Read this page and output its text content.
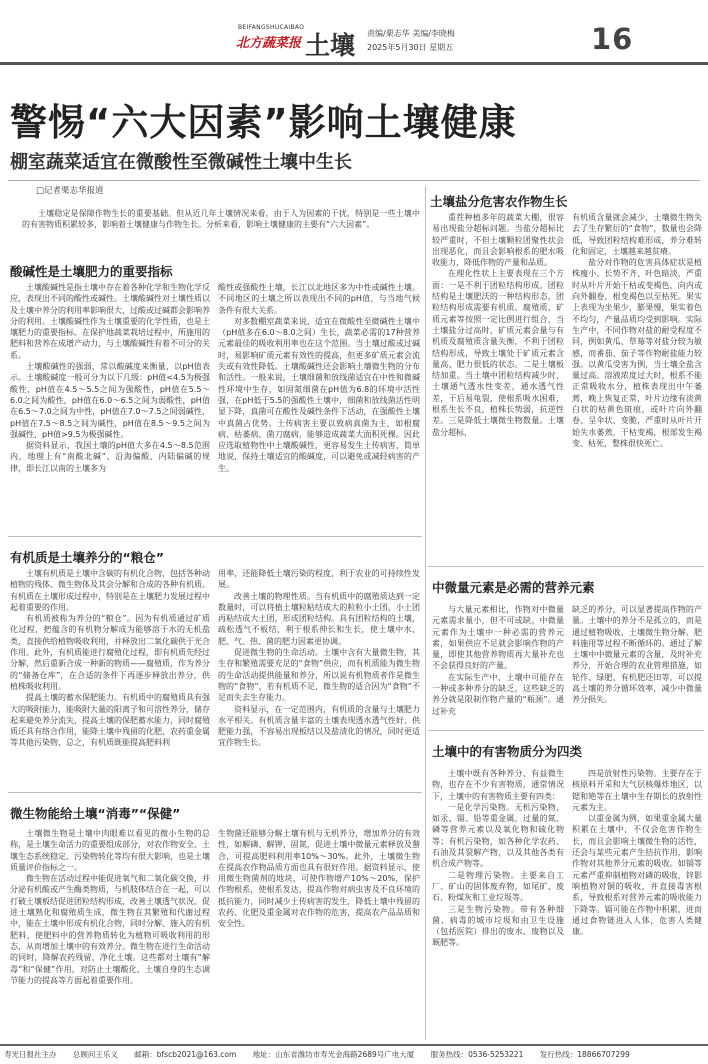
BEIFANGSHUCAIBAO
北方蔬菜报 土壤 责编/栗志华 美编/李晓梅
2025年5月30日 星期五	16
警惕“六大因素”影响土壤健康
棚室蔬菜适宜在微酸性至微碱性土壤中生长
□记者栗志华报道

土壤稳定是保障作物生长的重要基础。但从近几年土壤情况来看，由于人为因素的干扰，特别是一些土壤中的有害物质积累较多，影响着土壤健康与作物生长。分析来看，影响土壤健康的主要有“六大因素”。

酸碱性是土壤肥力的重要指标

土壤酸碱性是指土壤中存在着各种化学和生物化学反应，表现出不同的酸性或碱性。土壤酸碱性对土壤性质以及土壤中养分的利用率影响很大，过酸或过碱都会影响养分的利用。土壤酸碱性作为土壤重要的化学性质，也是土壤肥力的重要指标。在保护地蔬菜栽培过程中，所施用的肥料和营养在成增产动力，与土壤酸碱性有着不可分的关系。

土壤酸碱性的强弱，常以酸碱度来衡量，以pH值表示。土壤酸碱度一般可分为以下几级：pH值<4.5为极强酸性，pH值在4.5～5.5之间为强酸性，pH值在5.5～6.0之间为酸性，pH值在6.0～6.5之间为弱酸性，pH值在6.5～7.0之间为中性，pH值在7.0～7.5之间弱碱性，pH值在7.5～8.5之间为碱性，pH值在8.5～9.5之间为强碱性，pH值>9.5为极强碱性。

据资料显示，我国土壤的pH值大多在4.5～8.5范围内，地理上有“南酸北碱”、沿海偏酸、内陆偏碱的规律，即长江以南的土壤多为

酸性或强酸性土壤，长江以北地区多为中性或碱性土壤。不同地区的土壤之所以表现出不同的pH值，与当地气候条件有很大关系。

对多数棚室蔬菜来说，适宜在微酸性至微碱性土壤中（pH值多在6.0～8.0之间）生长，蔬菜必需的17种营养元素最佳的吸收利用率也在这个范围。当土壤过酸或过碱时，易影响矿质元素有效性的提高，但更多矿质元素会流失或有效性降低。土壤酸碱性还会影响土壤微生物的分布和活性。一般来说，土壤细菌和放线菌适宜在中性和微碱性环境中生存，如固氮细菌在pH值为6.8的环境中活性强，在pH低于5.5的强酸性土壤中，细菌和放线菌活性明显下降，真菌可在酸性及碱性条件下活动，在强酸性土壤中真菌占优势。土传病害主要以致病真菌为主，如根腐病、枯萎病、菌刀腐病，能够造成蔬菜大面积死棵。因此应选取植物性中土壤酸碱性，更容易发生土传病害，简单地说，保持土壤适宜的酸碱度，可以避免或减轻病害的产生。

有机质是土壤养分的“粮仓”

土壤有机质是土壤中含碳的有机化合物，包括各种动植物的残体、微生物体及其会分解和合成的各种有机质。有机质在土壤形成过程中，特别是在土壤肥力发展过程中起着重要的作用。

有机质被称为养分的“粮仓”。因为有机质通过矿质化过程，把蕴含的有机物分解成为能够溶于水的无机盐类，直接供给植物吸收利用，并释放出二氧化碳供于光合作用。此外，有机质能进行腐殖化过程，即有机质先经过分解，然后重新合成一种新的物质——腐殖质，作为养分的“储备仓库”，在合适的条件下再逐步释放出养分，供植株吸收利用。

提高土壤的蓄水保肥能力。有机质中的腐殖质具有强大的吸附能力，能吸附大量的阳离子和可溶性养分，储存起来避免养分流失，提高土壤的保肥蓄水能力，同时腐殖质还具有络合作用，能降土壤中残留的化肥、农药重金属等其他污染物，总之，有机质既能提高肥料利

用率，还能降低土壤污染的程度，利于农业的可持续性发展。

改善土壤的物理性质。当有机质中的腐殖质达到一定数量时，可以将植土壤粒粘结成大的粒粒小土团，小土团再粘结成大土团，形成团粒结构。具有团粒结构的土壤，疏松透气不板结，利于根系伸长和生长，使土壤中水、肥、气、热、菌的肥力因素更协调。

促进微生物的生命活动。土壤中含有大量微生物，其生存和繁殖需要充足的“食物”供应，而有机质能为微生物的生命活动提供能量和养分，所以说有机物质者作是微生物的“食物”，若有机质不足，微生物的适合因为“食物”不足而失去生存能力。

资料显示，在一定范围内，有机质的含量与土壤肥力水平相关。有机质含量丰富的土壤表现透水透气性好、供肥能力强，不容易出现板结以及盐渍化的情况，同时更适宜作物生长。

微生物能给土壤“消毒”“保健”

土壤微生物是土壤中肉眼难以看见的微小生物的总称，是土壤生命活力的重要组成部分，对农作物安全、土壤生态系统稳定、污染物转化等均有很大影响，也是土壤质量评价指标之一。

微生物在活动过程中能促进氧气和二氧化碳交换，并分泌有机酸或产生酶类物质，与机肢体结合在一起，可以打破土壤板结促进团粒结构形成，改善土壤透气状况。促进土壤熟化和腐殖质生成，微生物在其繁殖和代谢过程中，能在土壤中形成有机化合物，同时分解、施入的有机肥料，使肥料中的营养物质转化为植物可吸收利用的形态，从而增加土壤中的有效养分。微生物在进行生命活动的同时，降解农药残留，净化土壤。这些都对土壤有“解毒”和“保健”作用，对防止土壤酸化、土壤自身的生态调节能力的提高等方面起着重要作用。

生物菌还能够分解土壤有机与无机养分，增加养分的有效性，如解磷、解钾、固氮，促进土壤中微量元素释放及螯合，可提高肥料利用率10%～30%。此外，土壤微生物在提高农作物品质方面也具有很好作用。据资料显示，使用微生物菌剂的地块，可使作物增产10%～20%，保护作物根系，使根系发达，提高作物对病虫害及不良环境的抵抗能力，同时减少土传病害的发生，降低土壤中残留的农药、化肥及重金属对农作物的危害，提高农产品品质和安全性。

土壤盐分危害农作物生长

重茬种植多年的蔬菜大棚，很容易出现盐分超标问题。当盐分超标比较严重时，不但土壤颗粒团聚性状会出现恶化，而且会影响根系的肥水吸收能力，降低作物的产量和品质。

在理化性状上主要表现在三个方面：一是不利于团粒结构形成。团粒结构是土壤肥沃的一种结构形态，团粒结构形成需要有机质、腐殖质、矿质元素等按照一定比例进行组合，当土壤盐分过高时，矿质元素会量与有机质及腐殖质含量失衡，不利于团粒结构形成，导致土壤处于矿质元素含量高、肥力很低的状态。二是土壤板结加重。当土壤中团粒结构减少时，土壤通气透水性变差，通水透气性差，干后易龟裂，使根系吸水困难，根系生长不良，植株长势弱，抗逆性差。三是降低土壤微生物数量。土壤盐分超标，

有机质含量就会减少，土壤微生物失去了生存繁衍的“食物”，数量也会降低，导致团粒结构难形成，养分难转化和固定，土壤越来越贫瘠。

盐分对作物的危害具体症状是植株瘦小、长势不齐、叶色暗淡，严重时从叶片开始干枯或变褐色，向内或向外翻卷，根变褐色以至枯死。果实上表现为坐果少，膨果慢，果实着色不均匀，产量品质均受到影响。实际生产中，不同作物对盐的耐受程度不同，例如黄瓜、草莓等对盐分较为敏感，而番茄、茄子等作物耐盐能力较强。以黄瓜受害为例，当土壤全盐含量过高、溶液浓度过大时，根系不能正常吸收水分，植株表现出中午萎蔫，晚上恢复正常，叶片边缘有淡黄白状的枯黄色斑痕，或叶片向外翻卷、呈伞状、变脆，严重时从叶片开始失水萎蔫，干枯变褐，根部发生褐变、枯死，整株很快死亡。

中微量元素是必需的营养元素

与大量元素相比，作物对中微量元素需求量小，但不可或缺。中微量元素作为土壤中一种必需的营养元素，如果供应不足就会影响作物的产量，即使其他营养物质再大量补充也不会获得良好的产量。

在实际生产中，土壤中可能存在一种或多种养分的缺乏，这些缺乏的养分就是限制作物产量的“瓶颈”。通过补充

缺乏的养分，可以显著提高作物的产量。土壤中的养分不是孤立的，而是通过植物吸收、土壤微生物分解、肥料施用等过程不断循环的。通过了解土壤中中微量元素的含量，及时补充养分，开始合理的农业管理措施，如轮作、绿肥、有机肥还田等，可以提高土壤的养分循环效率，减少中微量养分损失。

土壤中的有害物质分为四类

土壤中既有各种养分、有益微生物，也存在不少有害物质，通常情况下，土壤中的有害物质主要有四类：

一是化学污染物。无机污染物，如汞、镉、铅等重金属，过量的氮、磷等营养元素以及氧化物和硫化物等；有机污染物，如各种化学农药、石油及其裂解产物，以及其他各类有机合成产物等。

二是物理污染物。主要来自工厂、矿山的固体废弃物，如尾矿、废石、粉煤灰和工业垃圾等。

三是生物污染物。带有各种细菌、病毒的城市垃圾和由卫生设施（包括医院）排出的废水、废物以及厩肥等。

四是放射性污染物。主要存在于核原料开采和大气层核爆炸地区，以锶和铯等在土壤中生存期长的放射性元素为主。

以重金属为例，如果重金属大量积累在土壤中，不仅会危害作物生长，而且会影响土壤微生物的活性，还会与某些元素产生拮抗作用，影响作物对其他养分元素的吸收。如镉等元素严重抑制植物对磷的吸收，锌影响植物对铜的吸收，并直接毒害根系，导致根系对营养元素的吸收能力下降等。镉可能在作物中积累，进而通过食物链进入人体，危害人类健康。

寿光日报社主办 总顾问王乐义 邮箱：bfscb2021@163.com 地址：山东省潍坊市寿光金海路2689号广电大厦 服务热线：0536-5253221 发行热线：18866707299
